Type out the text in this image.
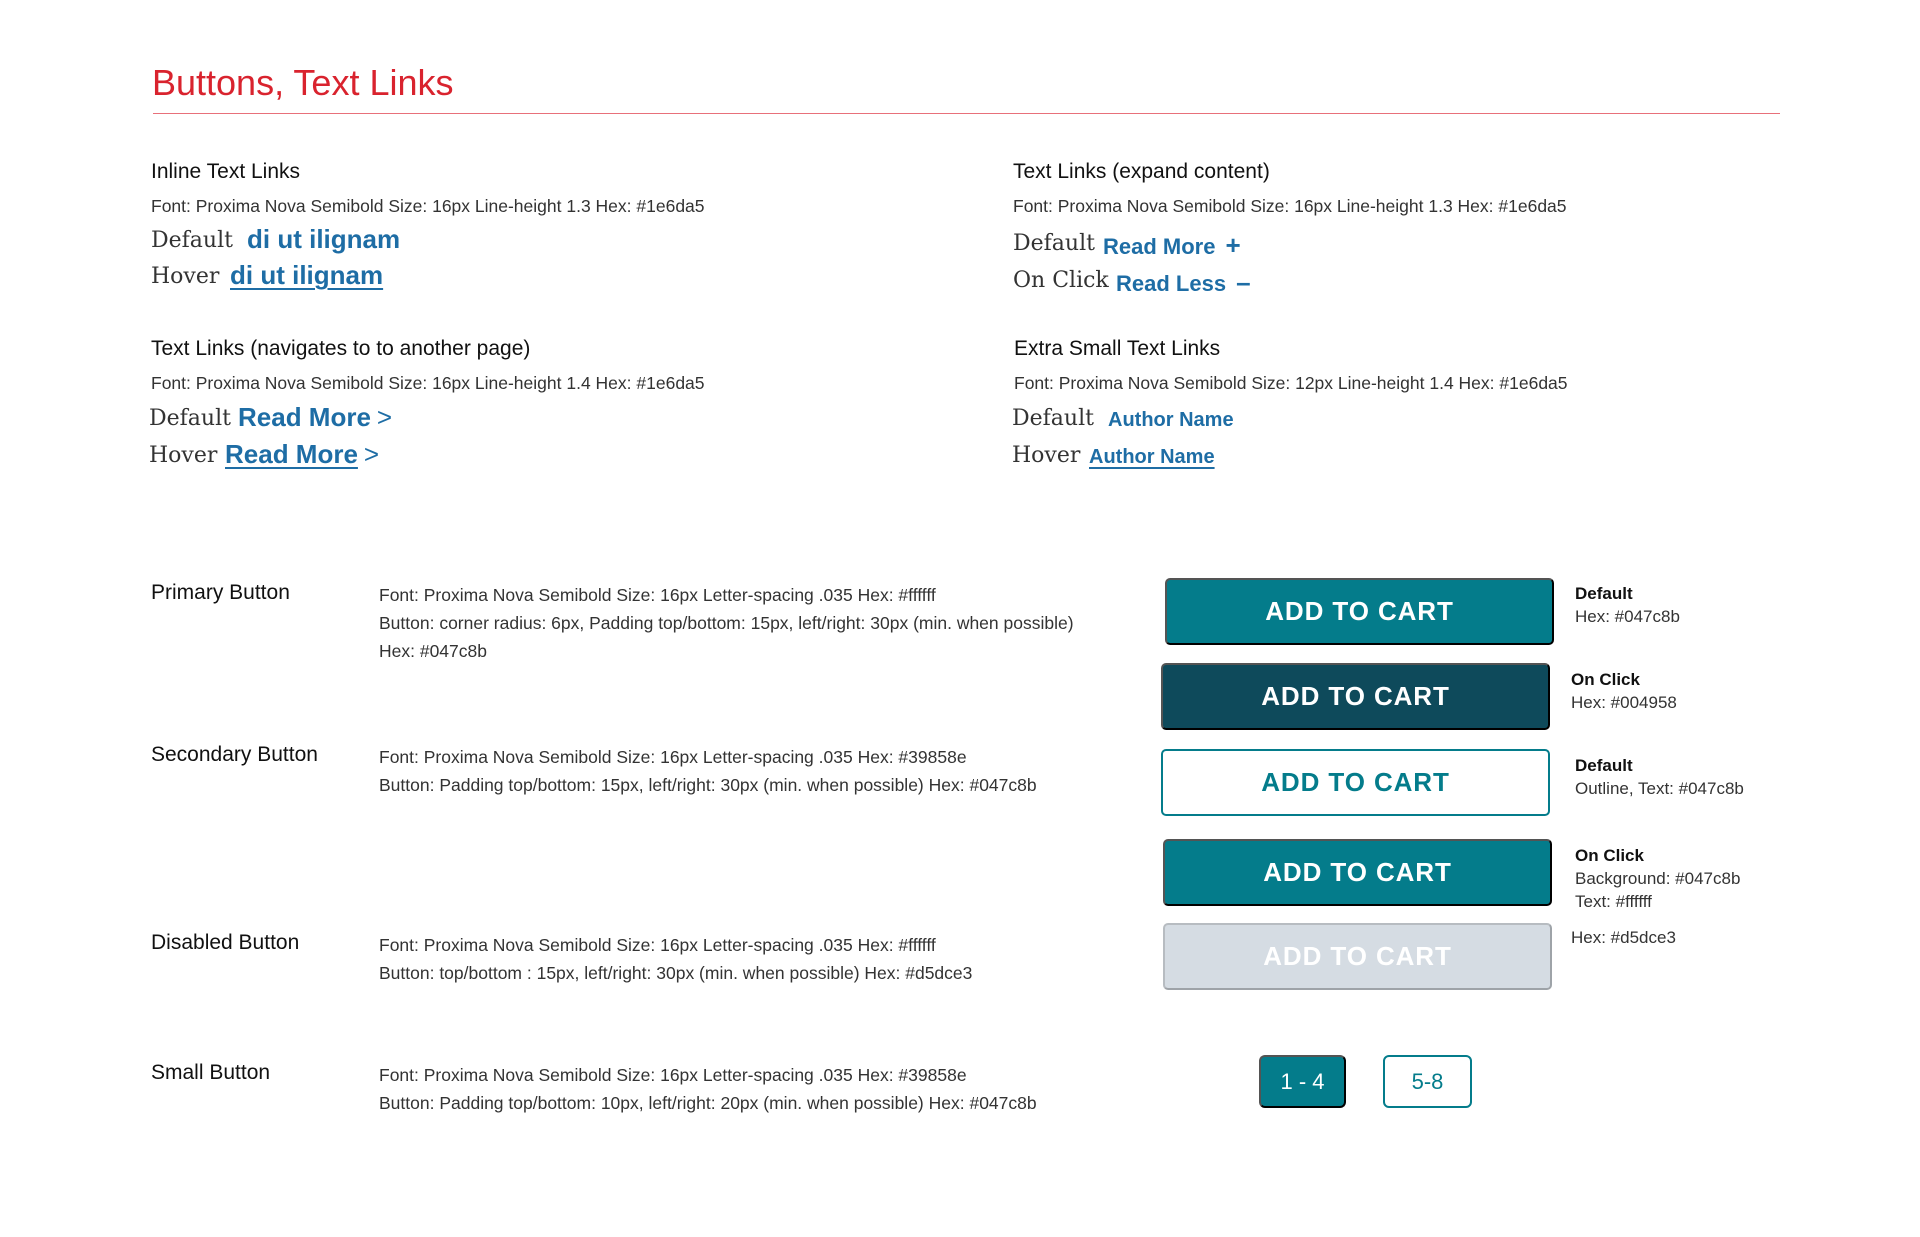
Buttons, Text Links
Inline Text Links
Font: Proxima Nova Semibold Size: 16px Line-height 1.3 Hex: #1e6da5
Default di ut ilignam
Hover di ut ilignam
Text Links (expand content)
Font: Proxima Nova Semibold Size: 16px Line-height 1.3 Hex: #1e6da5
Default Read More +
On Click Read Less –
Text Links (navigates to to another page)
Font: Proxima Nova Semibold Size: 16px Line-height 1.4 Hex: #1e6da5
Default Read More >
Hover Read More >
Extra Small Text Links
Font: Proxima Nova Semibold Size: 12px Line-height 1.4 Hex: #1e6da5
Default Author Name
Hover Author Name
Primary Button	Font: Proxima Nova Semibold Size: 16px Letter-spacing .035 Hex: #ffffff
Button: corner radius: 6px, Padding top/bottom: 15px, left/right: 30px (min. when possible)
Hex: #047c8b
Secondary Button	Font: Proxima Nova Semibold Size: 16px Letter-spacing .035 Hex: #39858e
Button: Padding top/bottom: 15px, left/right: 30px (min. when possible) Hex: #047c8b
Disabled Button	Font: Proxima Nova Semibold Size: 16px Letter-spacing .035 Hex: #ffffff
Button: top/bottom : 15px, left/right: 30px (min. when possible) Hex: #d5dce3
Small Button	Font: Proxima Nova Semibold Size: 16px Letter-spacing .035 Hex: #39858e
Button: Padding top/bottom: 10px, left/right: 20px (min. when possible) Hex: #047c8b
ADD TO CART
Default
Hex: #047c8b
ADD TO CART
On Click
Hex: #004958
ADD TO CART
Default
Outline, Text: #047c8b
ADD TO CART
On Click
Background: #047c8b
Text: #ffffff
ADD TO CART
Hex: #d5dce3
1 - 4	5-8
